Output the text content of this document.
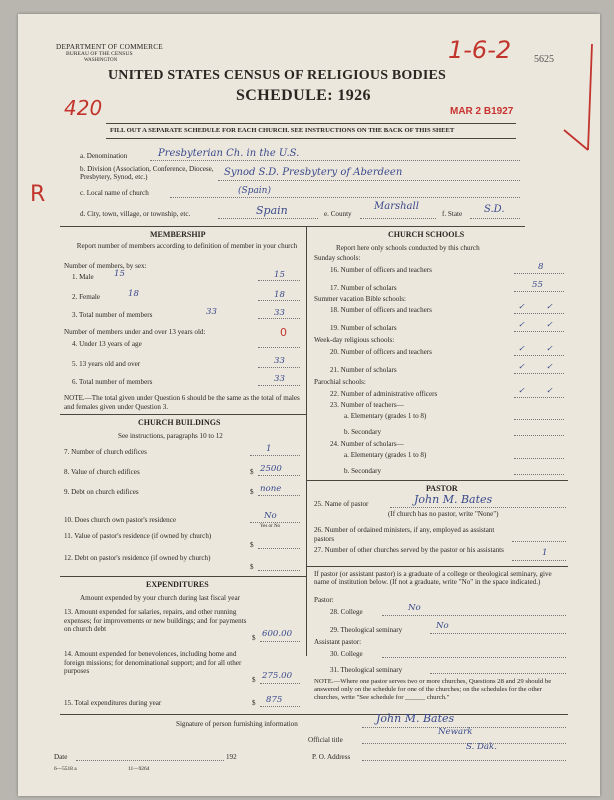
DEPARTMENT OF COMMERCE
BUREAU OF THE CENSUS
WASHINGTON
UNITED STATES CENSUS OF RELIGIOUS BODIES
SCHEDULE: 1926
FILL OUT A SEPARATE SCHEDULE FOR EACH CHURCH. SEE INSTRUCTIONS ON THE BACK OF THIS SHEET
1-6-2 5625
420	MAR 2 B1927
R
a. Denomination	Presbyterian Ch. in the U.S.
b. Division (Association, Conference, Diocese, Presbytery, Synod, etc.)	Synod S.D. Presbytery of Aberdeen
c. Local name of church	(Spain)
d. City, town, village, or township, etc.	Spain	e. County
Marshall
f. State S.D.
MEMBERSHIP
Report number of members according to definition of member in your church
Number of members, by sex:
1. Male 15	15
2. Female	18	18
3. Total number of members	33	33
Number of members under and over 13 years old:
4. Under 13 years of age
0
5. 13 years old and over	33
6. Total number of members	33
NOTE.—The total given under Question 6 should be the same as the total of males and females given under Question 3.
CHURCH BUILDINGS
See instructions, paragraphs 10 to 12
7. Number of church edifices	1
8. Value of church edifices	$ 2500
9. Debt on church edifices	$ none
10. Does church own pastor's residence	No
Yes or No
11. Value of pastor's residence (if owned by church)
$
12. Debt on pastor's residence (if owned by church)
$
EXPENDITURES
Amount expended by your church during last fiscal year
13. Amount expended for salaries, repairs, and other running expenses; for improvements or new buildings; and for payments on church debt
$ 600.00
14. Amount expended for benevolences, including home and foreign missions; for denominational support; and for all other purposes
$ 275.00
15. Total expenditures during year	$ 875
CHURCH SCHOOLS
Report here only schools conducted by this church
Sunday schools:
16. Number of officers and teachers	8
17. Number of scholars	55
Summer vacation Bible schools:
18. Number of officers and teachers	✓	✓
19. Number of scholars	✓	✓
Week-day religious schools:
20. Number of officers and teachers	✓	✓
21. Number of scholars	✓	✓
Parochial schools:
22. Number of administrative officers	✓	✓
23. Number of teachers—
a. Elementary (grades 1 to 8)
b. Secondary
24. Number of scholars—
a. Elementary (grades 1 to 8)
b. Secondary
PASTOR
25. Name of pastor	John M. Bates
(If church has no pastor, write "None")
26. Number of ordained ministers, if any, employed as assistant pastors
27. Number of other churches served by the pastor or his assistants	1
If pastor (or assistant pastor) is a graduate of a college or theological seminary, give name of institution below. (If not a graduate, write "No" in the space indicated.)
Pastor:
28. College	No
29. Theological seminary	No
Assistant pastor:
30. College
31. Theological seminary
NOTE.—Where one pastor serves two or more churches, Questions 28 and 29 should be answered only on the schedule for one of the churches; on the schedules for the other churches, write "See schedule for ______ church."
Signature of person furnishing information	John M. Bates
Official title
Date	192	P. O. Address
Newark
S. Dak.
6—5518 a	11—9264
